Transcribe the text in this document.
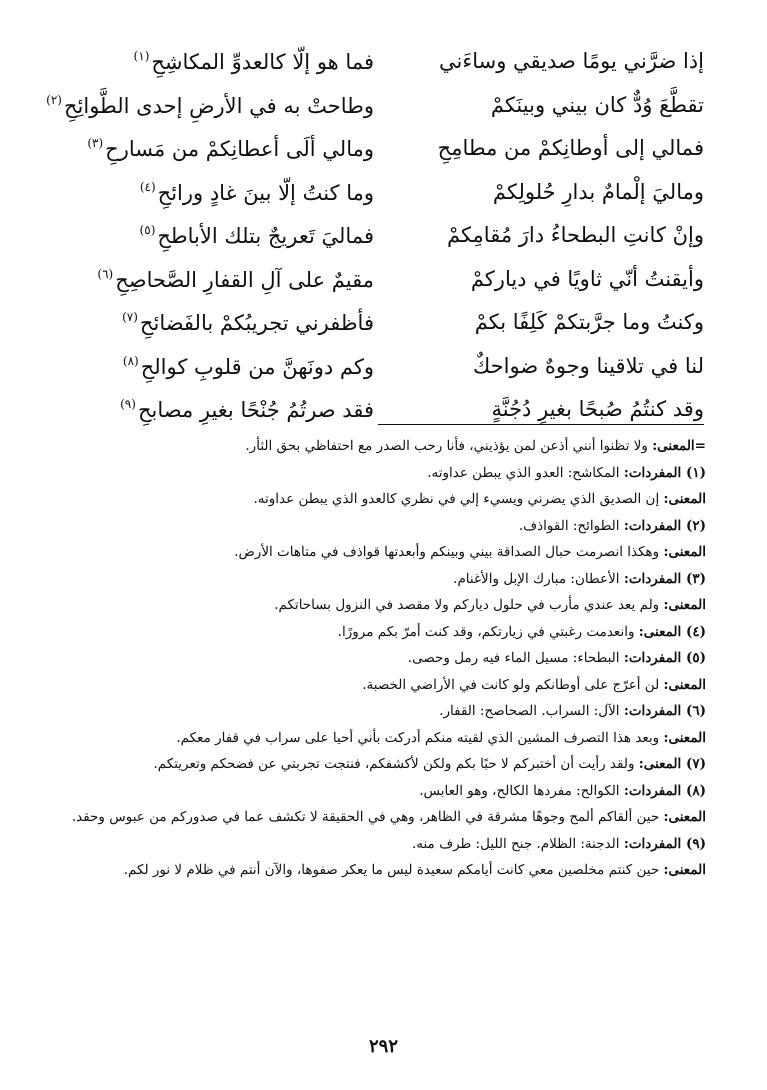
إذا ضرَّني يومًا صديقي وساءَني
فما هو إلّا كالعدوِّ المكاشِحِ$^{(١)}$
تقطَّعَ وُدٌّ كان بيني وبينَكمْ
وطاحتْ به في الأرضِ إحدى الطَّوائِحِ$^{(٢)}$
فمالي إلى أوطانِكمْ من مطامِحِ
ومالي ألَى أعطانِكمْ من مَسارحِ$^{(٣)}$
وماليَ إلْمامٌ بدارِ حُلولِكمْ
وما كنتُ إلّا بينَ غادٍ ورائحِ$^{(٤)}$
وإنْ كانتِ البطحاءُ دارَ مُقامِكمْ
فماليَ تَعريجٌ بتلك الأباطحِ$^{(٥)}$
وأيقنتُ أنّي ثاويًا في دياركمْ
مقيمٌ على آلِ القفارِ الصَّحاصِحِ$^{(٦)}$
وكنتُ وما جرَّبتكمْ كَلِفًا بكمْ
فأظفرني تجريبُكمْ بالفَضائحِ$^{(٧)}$
لنا في تلاقينا وجوهٌ ضواحكٌ
وكم دونَهنَّ من قلوبِ كوالحِ$^{(٨)}$
وقد كنتُمُ صُبحًا بغيرِ دُجُنَّةٍ
فقد صرتُمُ جُنْحًا بغيرِ مصابحِ$^{(٩)}$
=المعنى: ولا تظنوا أنني أذعن لمن يؤذيني، فأنا رحب الصدر مع احتفاظي بحق الثأر.
(١) المفردات: المكاشح: العدو الذي يبطن عداوته.
المعنى: إن الصديق الذي يضرني ويسيء إلي في نظري كالعدو الذي يبطن عداوته.
(٢) المفردات: الطوائح: القواذف.
المعنى: وهكذا انصرمت حبال الصداقة بيني وبينكم وأبعدتها قواذف في متاهات الأرض.
(٣) المفردات: الأعطان: مبارك الإبل والأغنام.
المعنى: ولم يعد عندي مأرب في حلول دياركم ولا مقصد في النزول بساحاتكم.
(٤) المعنى: وانعدمت رغبتي في زيارتكم، وقد كنت أمرّ بكم مرورًا.
(٥) المفردات: البطحاء: مسيل الماء فيه رمل وحصى.
المعنى: لن أعرّج على أوطانكم ولو كانت في الأراضي الخصبة.
(٦) المفردات: الآل: السراب. الصحاصح: القفار.
المعنى: وبعد هذا التصرف المشين الذي لقيته منكم أدركت بأني أحيا على سراب في قفار معكم.
(٧) المعنى: ولقد رأيت أن أختبركم لا حبًا بكم ولكن لأكشفكم، فنتجت تجربتي عن فضحكم وتعريتكم.
(٨) المفردات: الكوالح: مفردها الكالح، وهو العابس.
المعنى: حين ألقاكم ألمح وجوهًا مشرقة في الظاهر، وهي في الحقيقة لا تكشف عما في صدوركم من عبوس وحقد.
(٩) المفردات: الدجنة: الظلام. جنح الليل: طرف منه.
المعنى: حين كنتم مخلصين معي كانت أيامكم سعيدة ليس ما يعكر صفوها، والآن أنتم في ظلام لا نور لكم.
٢٩٢
